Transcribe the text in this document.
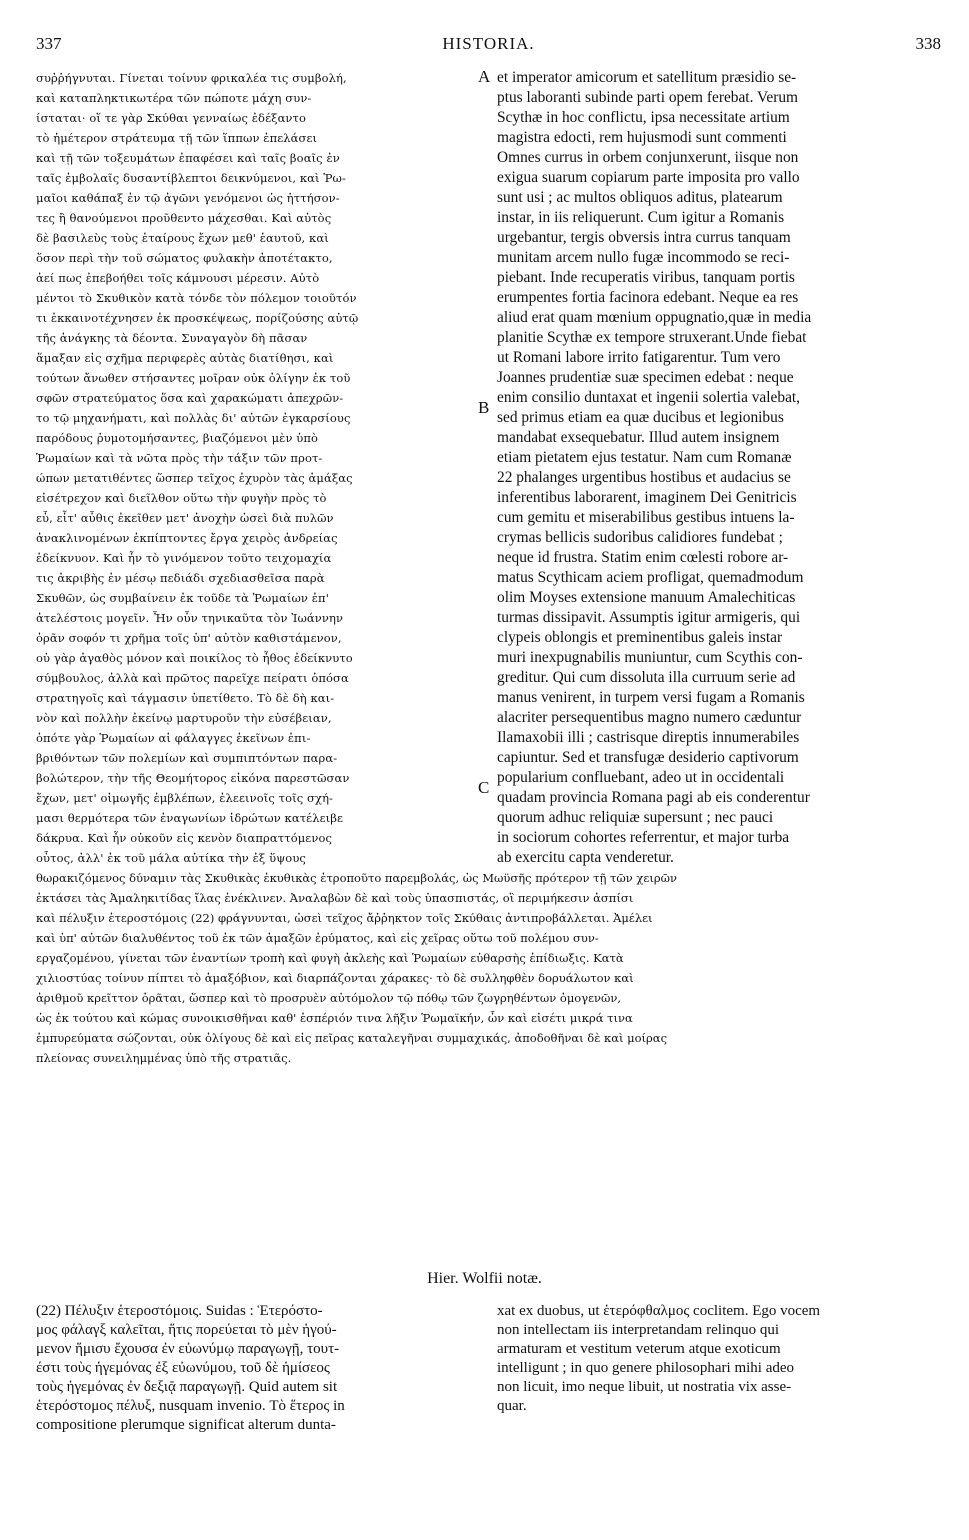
337	HISTORIA.	338
A
B
C
συῤῥήγνυται. Γίνεται τοίνυν φρικαλέα τις συμβολή,
καὶ καταπληκτικωτέρα τῶν πώποτε μάχη συν-
ίσταται· οἵ τε γὰρ Σκύθαι γενναίως ἐδέξαντο
τὸ ἡμέτερον στράτευμα τῇ τῶν ἵππων ἐπελάσει
καὶ τῇ τῶν τοξευμάτων ἐπαφέσει καὶ ταῖς βοαῖς ἐν
ταῖς ἐμβολαῖς δυσαντίβλεπτοι δεικνύμενοι, καὶ Ῥω-
μαῖοι καθάπαξ ἐν τῷ ἀγῶνι γενόμενοι ὡς ἡττήσον-
τες ἢ θανούμενοι προῦθεντο μάχεσθαι. Καὶ αὐτὸς
δὲ βασιλεὺς τοὺς ἑταίρους ἔχων μεθ' ἑαυτοῦ, καὶ
ὅσον περὶ τὴν τοῦ σώματος φυλακὴν ἀποτέτακτο,
ἀεί πως ἐπεβοήθει τοῖς κάμνουσι μέρεσιν. Αὐτὸ
μέντοι τὸ Σκυθικὸν κατὰ τόνδε τὸν πόλεμον τοιοῦτόν
τι ἐκκαινοτέχνησεν ἐκ προσκέψεως, πορίζούσης αὐτῷ
τῆς ἀνάγκης τὰ δέοντα. Συναγαγὸν δὴ πᾶσαν
ἅμαξαν εἰς σχῆμα περιφερὲς αὐτὰς διατίθησι, καὶ
τούτων ἄνωθεν στήσαντες μοῖραν οὐκ ὀλίγην ἐκ τοῦ
σφῶν στρατεύματος ὅσα καὶ χαρακώματι ἀπεχρῶν-
το τῷ μηχανήματι, καὶ πολλὰς δι' αὐτῶν ἐγκαρσίους
παρόδους ῥυμοτομήσαντες, βιαζόμενοι μὲν ὑπὸ
Ῥωμαίων καὶ τὰ νῶτα πρὸς τὴν τάξιν τῶν προτ-
ώπων μετατιθέντες ὥσπερ τεῖχος ἐχυρὸν τὰς ἁμάξας
εἰσέτρεχον καὶ διεῖλθον οὕτω τὴν φυγὴν πρὸς τὸ
εὖ, εἶτ' αὖθις ἐκεῖθεν μετ' ἀνοχὴν ὡσεὶ διὰ πυλῶν
ἀνακλινομένων ἐκπίπτοντες ἔργα χειρὸς ἀνδρείας
ἐδείκνυον. Καὶ ἦν τὸ γινόμενον τοῦτο τειχομαχία
τις ἀκριβὴς ἐν μέσῳ πεδιάδι σχεδιασθεῖσα παρὰ
Σκυθῶν, ὡς συμβαίνειν ἐκ τοῦδε τὰ Ῥωμαίων ἐπ'
ἀτελέστοις μογεῖν. Ἦν οὖν τηνικαῦτα τὸν Ἰωάννην
ὁρᾶν σοφόν τι χρῆμα τοῖς ὑπ' αὐτὸν καθιστάμενον,
οὐ γὰρ ἀγαθὸς μόνον καὶ ποικίλος τὸ ἦθος ἐδείκνυτο
σύμβουλος, ἀλλὰ καὶ πρῶτος παρεῖχε πείρατι ὁπόσα
στρατηγοῖς καὶ τάγμασιν ὑπετίθετο. Τὸ δὲ δὴ και-
νὸν καὶ πολλὴν ἐκείνῳ μαρτυροῦν τὴν εὐσέβειαν,
ὁπότε γὰρ Ῥωμαίων αἱ φάλαγγες ἐκεῖνων ἐπι-
βριθόντων τῶν πολεμίων καὶ συμπιπτόντων παρα-
βολώτερον, τὴν τῆς Θεομήτορος εἰκόνα παρεστῶσαν
ἔχων, μετ' οἰμωγῆς ἐμβλέπων, ἐλεεινοῖς τοῖς σχή-
μασι θερμότερα τῶν ἐναγωνίων ἱδρώτων κατέλειβε
δάκρυα. Καὶ ἦν οὐκοῦν εἰς κενὸν διαπραττόμενος
οὗτος, ἀλλ' ἐκ τοῦ μάλα αὐτίκα τὴν ἐξ ὕψους
et imperator amicorum et satellitum præsidio se-
ptus laboranti subinde parti opem ferebat. Verum
Scythæ in hoc conflictu, ipsa necessitate artium
magistra edocti, rem hujusmodi sunt commenti
Omnes currus in orbem conjunxerunt, iisque non
exigua suarum copiarum parte imposita pro vallo
sunt usi ; ac multos obliquos aditus, platearum
instar, in iis reliquerunt. Cum igitur a Romanis
urgebantur, tergis obversis intra currus tanquam
munitam arcem nullo fugæ incommodo se reci-
piebant. Inde recuperatis viribus, tanquam portis
erumpentes fortia facinora edebant. Neque ea res
aliud erat quam mœnium oppugnatio,quæ in media
planitie Scythæ ex tempore struxerant.Unde fiebat
ut Romani labore irrito fatigarentur. Tum vero
Joannes prudentiæ suæ specimen edebat : neque
enim consilio duntaxat et ingenii solertia valebat,
sed primus etiam ea quæ ducibus et legionibus
mandabat exsequebatur. Illud autem insignem
etiam pietatem ejus testatur. Nam cum Romanæ
22 phalanges urgentibus hostibus et audacius se
inferentibus laborarent, imaginem Dei Genitricis
cum gemitu et miserabilibus gestibus intuens la-
crymas bellicis sudoribus calidiores fundebat ;
neque id frustra. Statim enim cœlesti robore ar-
matus Scythicam aciem profligat, quemadmodum
olim Moyses extensione manuum Amalechiticas
turmas dissipavit. Assumptis igitur armigeris, qui
clypeis oblongis et preminentibus galeis instar
muri inexpugnabilis muniuntur, cum Scythis con-
greditur. Qui cum dissoluta illa curruum serie ad
manus venirent, in turpem versi fugam a Romanis
alacriter persequentibus magno numero cæduntur
Ilamaxobii illi ; castrisque direptis innumerabiles
capiuntur. Sed et transfugæ desiderio captivorum
popularium confluebant, adeo ut in occidentali
quadam provincia Romana pagi ab eis conderentur
quorum adhuc reliquiæ supersunt ; nec pauci
in sociorum cohortes referrentur, et major turba
ab exercitu capta venderetur.
θωρακιζόμενος δύναμιν τὰς Σκυθικὰς ἐκυθικὰς ἐτροποῦτο παρεμβολάς, ὡς Μωϋσῆς πρότερον τῇ τῶν χειρῶν
ἐκτάσει τὰς Ἀμαληκιτίδας ἴλας ἐνέκλινεν. Ἀναλαβὼν δὲ καὶ τοὺς ὑπασπιστάς, οἳ περιμήκεσιν ἀσπίσι
καὶ πέλυξιν ἑτεροστόμοις (22) φράγνυνται, ὡσεὶ τεῖχος ἄῤῥηκτον τοῖς Σκύθαις ἀντιπροβάλλεται. Ἀμέλει
καὶ ὑπ' αὐτῶν διαλυθέντος τοῦ ἐκ τῶν ἁμαξῶν ἐρύματος, καὶ εἰς χεῖρας οὕτω τοῦ πολέμου συν-
εργαζομένου, γίνεται τῶν ἐναντίων τροπὴ καὶ φυγὴ ἀκλεὴς καὶ Ῥωμαίων εὐθαρσὴς ἐπίδιωξις. Κατὰ
χιλιοστύας τοίνυν πίπτει τὸ ἁμαξόβιον, καὶ διαρπάζονται χάρακες· τὸ δὲ συλληφθὲν δορυάλωτον καὶ
ἀριθμοῦ κρεῖττον ὁρᾶται, ὥσπερ καὶ τὸ προσρυὲν αὐτόμολον τῷ πόθῳ τῶν ζωγρηθέντων ὁμογενῶν,
ὡς ἐκ τούτου καὶ κώμας συνοικισθῆναι καθ' ἑσπέριόν τινα λῆξιν Ῥωμαϊκήν, ὧν καὶ εἰσέτι μικρά τινα
ἐμπυρεύματα σώζονται, οὐκ ὀλίγους δὲ καὶ εἰς πεῖρας καταλεγῆναι συμμαχικάς, ἀποδοθῆναι δὲ καὶ μοίρας
πλείονας συνειλημμένας ὑπὸ τῆς στρατιᾶς.
Hier. Wolfii notæ.
(22) Πέλυξιν ἑτεροστόμοις. Suidas : Ἑτερόστο-
μος φάλαγξ καλεῖται, ἥτις πορεύεται τὸ μὲν ἡγού-
μενον ἥμισυ ἔχουσα ἐν εὐωνύμῳ παραγωγῇ, τουτ-
έστι τοὺς ἡγεμόνας ἐξ εὐωνύμου, τοῦ δὲ ἡμίσεος
τοὺς ἡγεμόνας ἐν δεξιᾷ παραγωγῇ. Quid autem sit
ἑτερόστομος πέλυξ, nusquam invenio. Τὸ ἕτερος in
compositione plerumque significat alterum dunta-
xat ex duobus, ut ἑτερόφθαλμος coclitem. Ego vocem
non intellectam iis interpretandam relinquo qui
armaturam et vestitum veterum atque exoticum
intelligunt ; in quo genere philosophari mihi adeo
non licuit, imo neque libuit, ut nostratia vix asse-
quar.
